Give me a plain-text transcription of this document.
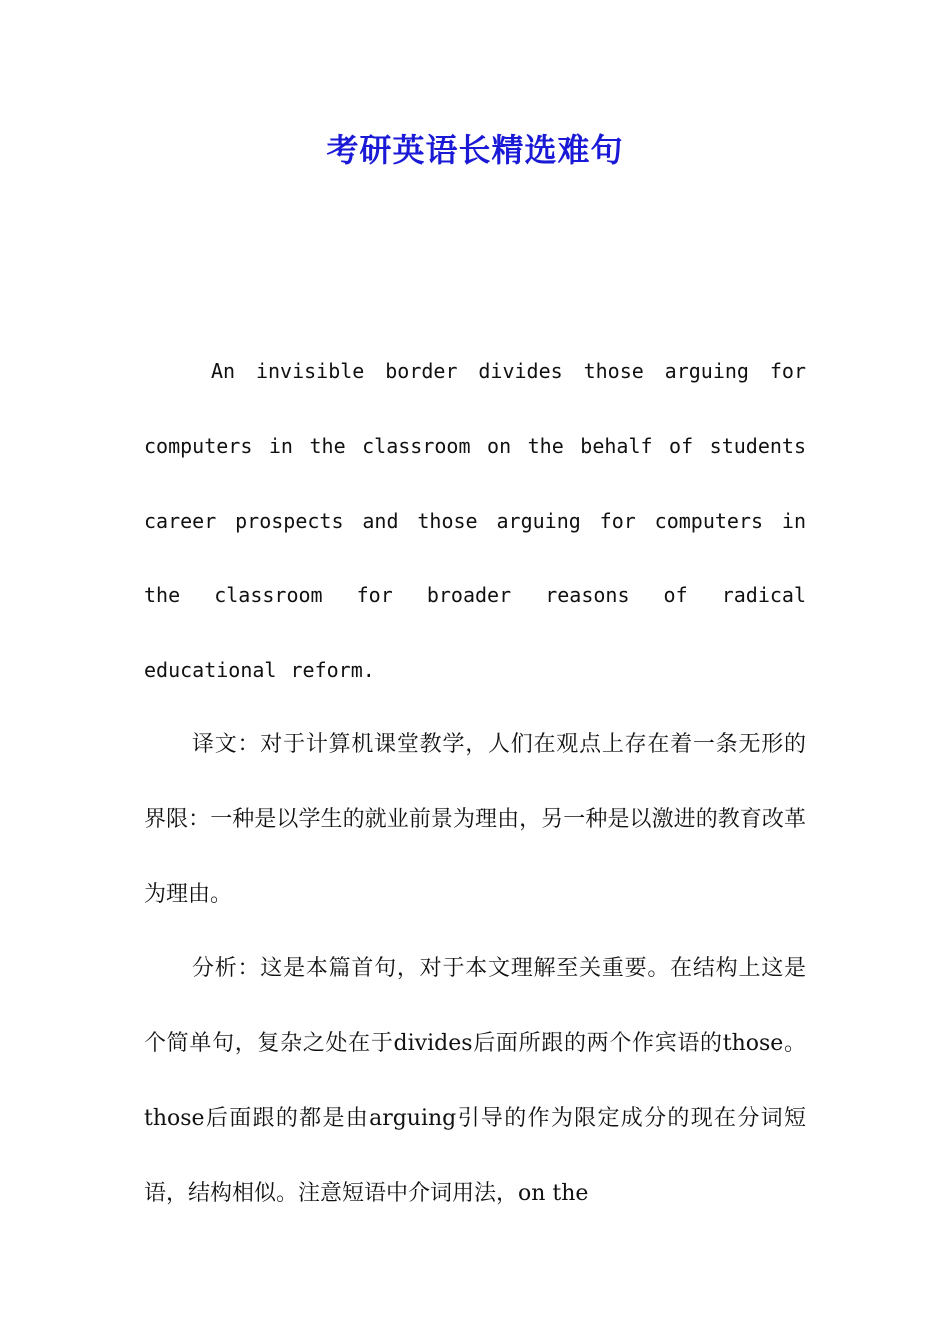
考研英语长精选难句

An invisible border divides those arguing for computers in the classroom on the behalf of students career prospects and those arguing for computers in the classroom for broader reasons of radical educational reform.

译文：对于计算机课堂教学，人们在观点上存在着一条无形的界限：一种是以学生的就业前景为理由，另一种是以激进的教育改革为理由。

分析：这是本篇首句，对于本文理解至关重要。在结构上这是个简单句，复杂之处在于divides后面所跟的两个作宾语的those。those后面跟的都是由arguing引导的作为限定成分的现在分词短语，结构相似。注意短语中介词用法，on the
